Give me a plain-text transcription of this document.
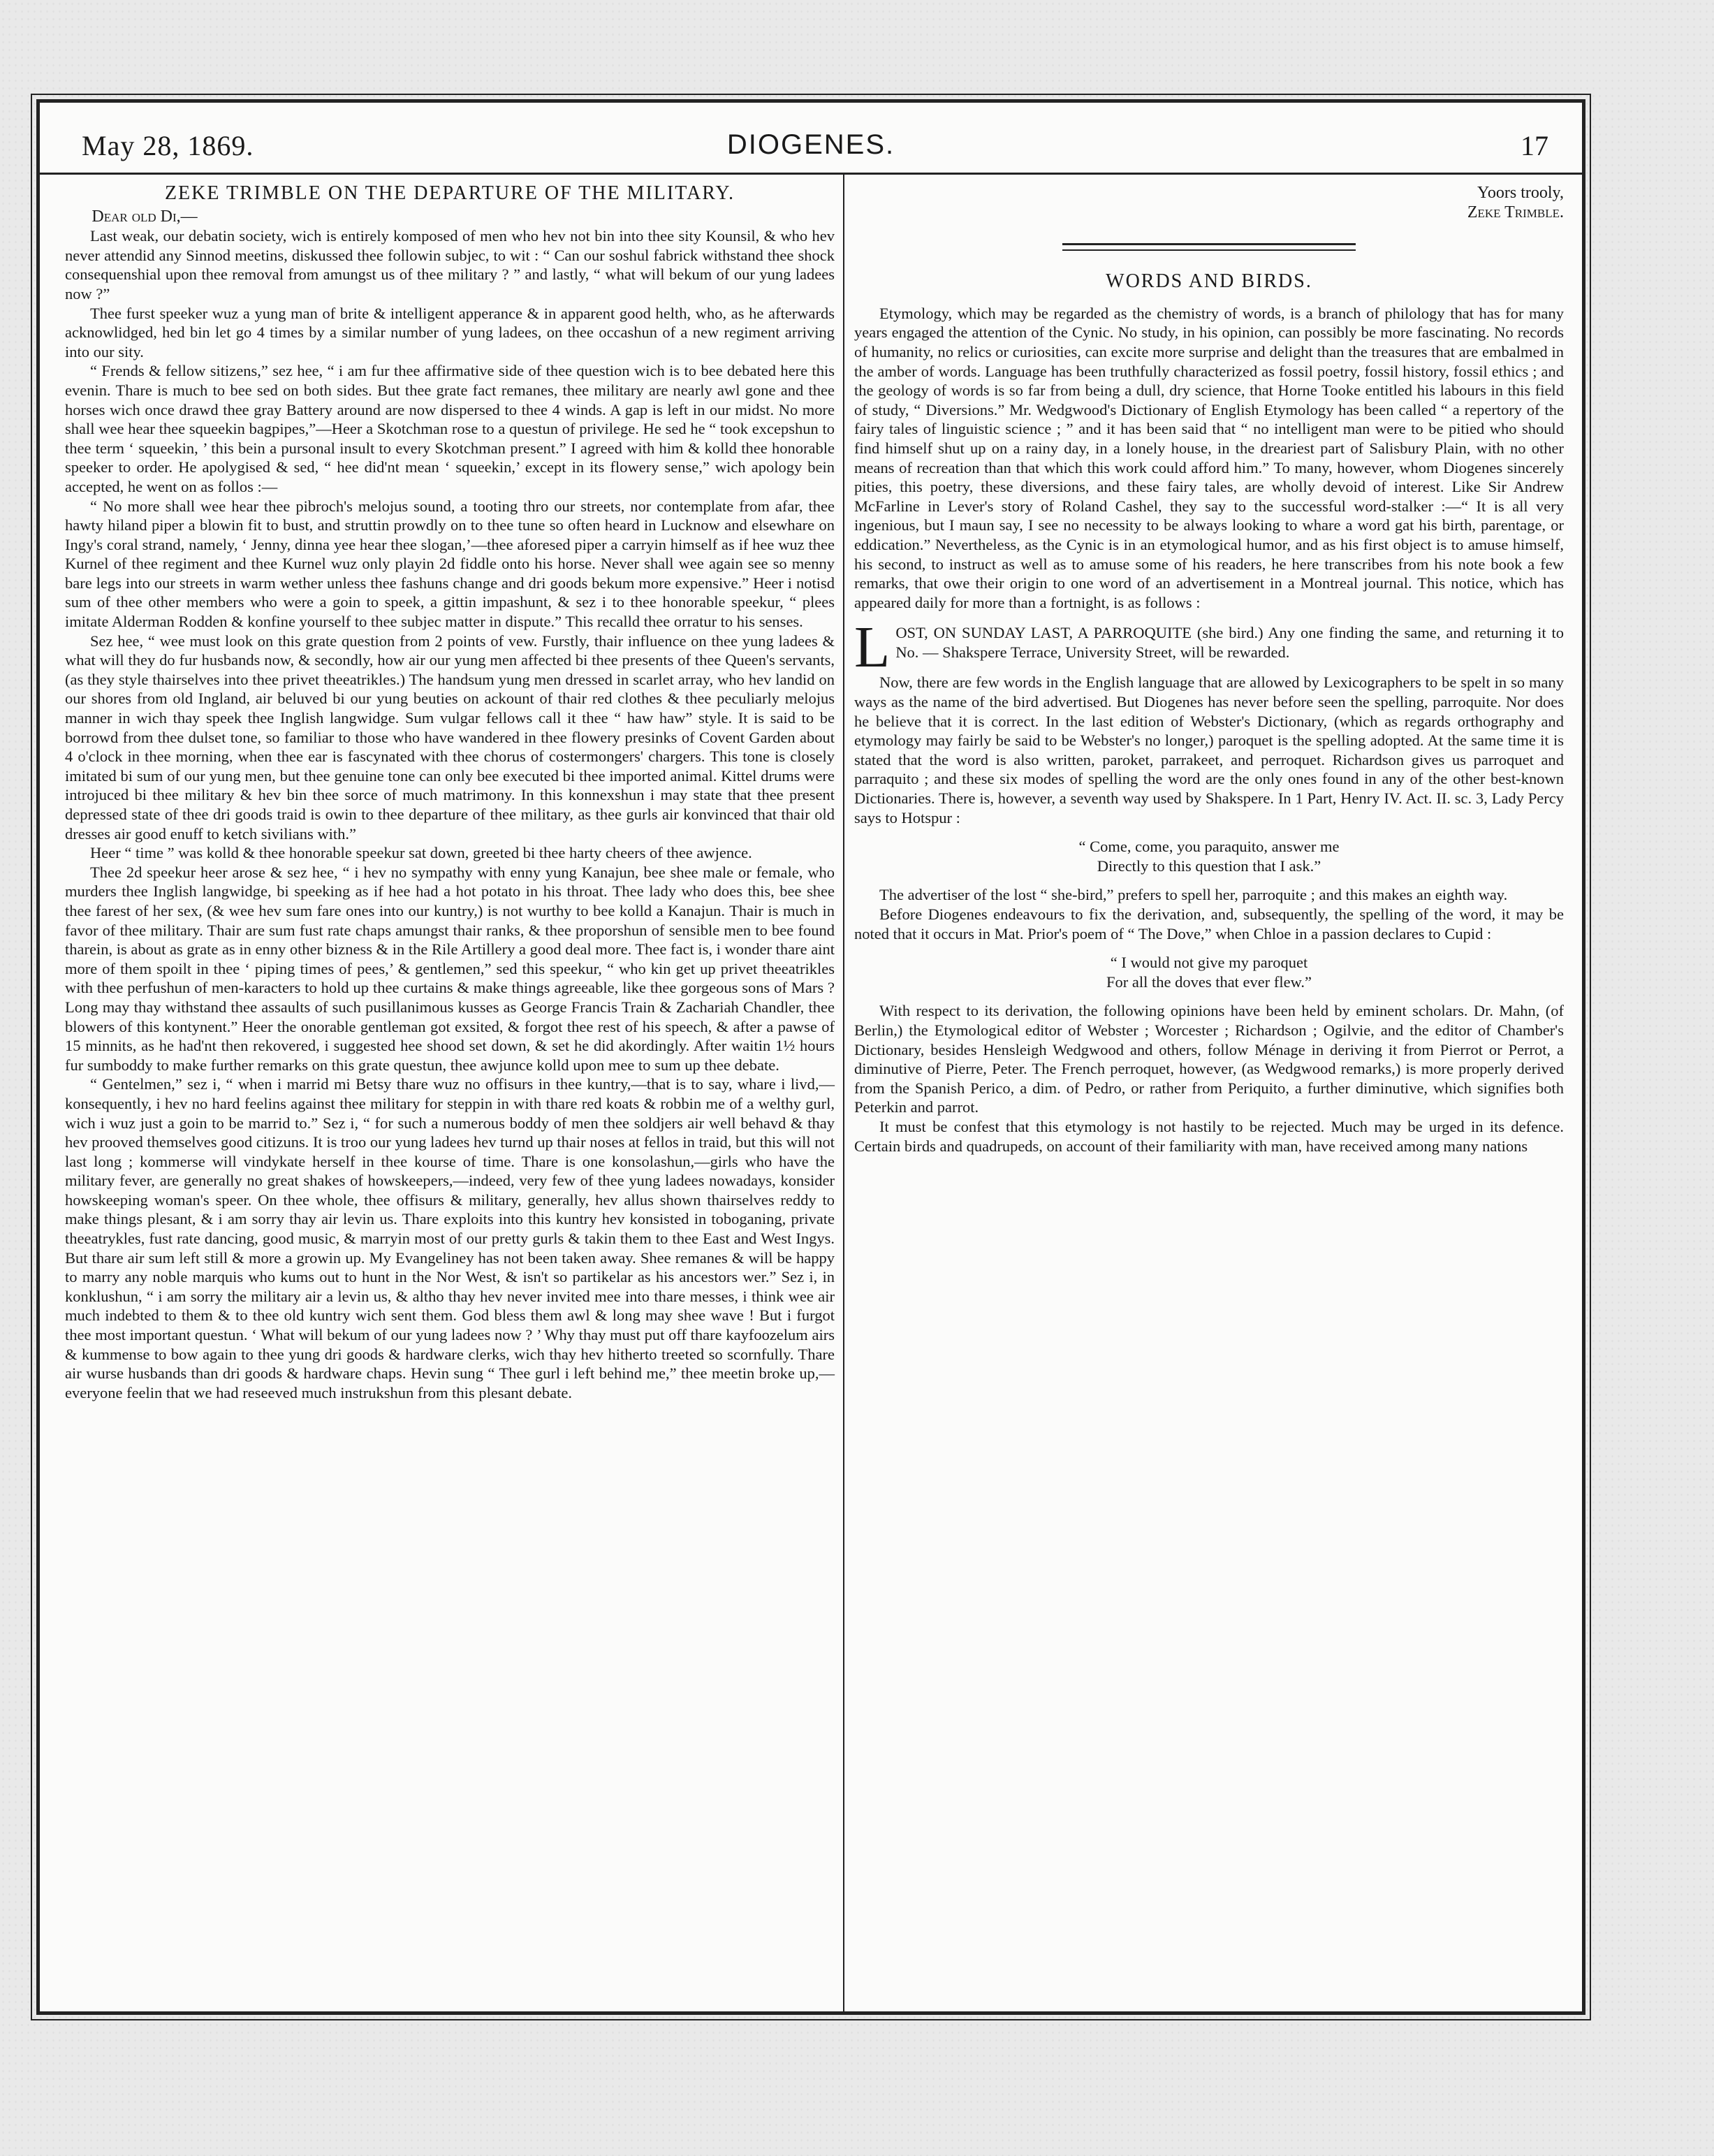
May 28, 1869.	DIOGENES.	17
ZEKE TRIMBLE ON THE DEPARTURE OF THE MILITARY.

Dear old Di,—

Last weak, our debatin society, wich is entirely komposed of men who hev not bin into thee sity Kounsil, & who hev never attendid any Sinnod meetins, diskussed thee followin subjec, to wit : “ Can our soshul fabrick withstand thee shock consequenshial upon thee removal from amungst us of thee military ? ” and lastly, “ what will bekum of our yung ladees now ?”

Thee furst speeker wuz a yung man of brite & intelligent apperance & in apparent good helth, who, as he afterwards acknowlidged, hed bin let go 4 times by a similar number of yung ladees, on thee occashun of a new regiment arriving into our sity.

“ Frends & fellow sitizens,” sez hee, “ i am fur thee affirmative side of thee question wich is to bee debated here this evenin. Thare is much to bee sed on both sides. But thee grate fact remanes, thee military are nearly awl gone and thee horses wich once drawd thee gray Battery around are now dispersed to thee 4 winds. A gap is left in our midst. No more shall wee hear thee squeekin bagpipes,”—Heer a Skotchman rose to a questun of privilege. He sed he “ took excepshun to thee term ‘ squeekin, ’ this bein a pursonal insult to every Skotchman present.” I agreed with him & kolld thee honorable speeker to order. He apolygised & sed, “ hee did'nt mean ‘ squeekin,’ except in its flowery sense,” wich apology bein accepted, he went on as follos :—

“ No more shall wee hear thee pibroch's melojus sound, a tooting thro our streets, nor contemplate from afar, thee hawty hiland piper a blowin fit to bust, and struttin prowdly on to thee tune so often heard in Lucknow and elsewhare on Ingy's coral strand, namely, ‘ Jenny, dinna yee hear thee slogan,’—thee aforesed piper a carryin himself as if hee wuz thee Kurnel of thee regiment and thee Kurnel wuz only playin 2d fiddle onto his horse. Never shall wee again see so menny bare legs into our streets in warm wether unless thee fashuns change and dri goods bekum more expensive.” Heer i notisd sum of thee other members who were a goin to speek, a gittin impashunt, & sez i to thee honorable speekur, “ plees imitate Alderman Rodden & konfine yourself to thee subjec matter in dispute.” This recalld thee orratur to his senses.

Sez hee, “ wee must look on this grate question from 2 points of vew. Furstly, thair influence on thee yung ladees & what will they do fur husbands now, & secondly, how air our yung men affected bi thee presents of thee Queen's servants, (as they style thairselves into thee privet theeatrikles.) The handsum yung men dressed in scarlet array, who hev landid on our shores from old Ingland, air beluved bi our yung beuties on ackount of thair red clothes & thee peculiarly melojus manner in wich thay speek thee Inglish langwidge. Sum vulgar fellows call it thee “ haw haw” style. It is said to be borrowd from thee dulset tone, so familiar to those who have wandered in thee flowery presinks of Covent Garden about 4 o'clock in thee morning, when thee ear is fascynated with thee chorus of costermongers' chargers. This tone is closely imitated bi sum of our yung men, but thee genuine tone can only bee executed bi thee imported animal. Kittel drums were introjuced bi thee military & hev bin thee sorce of much matrimony. In this konnexshun i may state that thee present depressed state of thee dri goods traid is owin to thee departure of thee military, as thee gurls air konvinced that thair old dresses air good enuff to ketch sivilians with.”

Heer “ time ” was kolld & thee honorable speekur sat down, greeted bi thee harty cheers of thee awjence.

Thee 2d speekur heer arose & sez hee, “ i hev no sympathy with enny yung Kanajun, bee shee male or female, who murders thee Inglish langwidge, bi speeking as if hee had a hot potato in his throat. Thee lady who does this, bee shee thee farest of her sex, (& wee hev sum fare ones into our kuntry,) is not wurthy to bee kolld a Kanajun. Thair is much in favor of thee military. Thair are sum fust rate chaps amungst thair ranks, & thee proporshun of sensible men to bee found tharein, is about as grate as in enny other bizness & in the Rile Artillery a good deal more. Thee fact is, i wonder thare aint more of them spoilt in thee ‘ piping times of pees,’ & gentlemen,” sed this speekur, “ who kin get up privet theeatrikles with thee perfushun of men-karacters to hold up thee curtains & make things agreeable, like thee gorgeous sons of Mars ? Long may thay withstand thee assaults of such pusillanimous kusses as George Francis Train & Zachariah Chandler, thee blowers of this kontynent.” Heer the onorable gentleman got exsited, & forgot thee rest of his speech, & after a pawse of 15 minnits, as he had'nt then rekovered, i suggested hee shood set down, & set he did akordingly. After waitin 1½ hours fur sumboddy to make further remarks on this grate questun, thee awjunce kolld upon mee to sum up thee debate.

“ Gentelmen,” sez i, “ when i marrid mi Betsy thare wuz no offisurs in thee kuntry,—that is to say, whare i livd,—konsequently, i hev no hard feelins against thee military for steppin in with thare red koats & robbin me of a welthy gurl, wich i wuz just a goin to be marrid to.” Sez i, “ for such a numerous boddy of men thee soldjers air well behavd & thay hev prooved themselves good citizuns. It is troo our yung ladees hev turnd up thair noses at fellos in traid, but this will not last long ; kommerse will vindykate herself in thee kourse of time. Thare is one konsolashun,—girls who have the military fever, are generally no great shakes of howskeepers,—indeed, very few of thee yung ladees nowadays, konsider howskeeping woman's speer. On thee whole, thee offisurs & military, generally, hev allus shown thairselves reddy to make things plesant, & i am sorry thay air levin us. Thare exploits into this kuntry hev konsisted in toboganing, private theeatrykles, fust rate dancing, good music, & marryin most of our pretty gurls & takin them to thee East and West Ingys. But thare air sum left still & more a growin up. My Evangeliney has not been taken away. Shee remanes & will be happy to marry any noble marquis who kums out to hunt in the Nor West, & isn't so partikelar as his ancestors wer.” Sez i, in konklushun, “ i am sorry the military air a levin us, & altho thay hev never invited mee into thare messes, i think wee air much indebted to them & to thee old kuntry wich sent them. God bless them awl & long may shee wave ! But i furgot thee most important questun. ‘ What will bekum of our yung ladees now ? ’ Why thay must put off thare kayfoozelum airs & kummense to bow again to thee yung dri goods & hardware clerks, wich thay hev hitherto treeted so scornfully. Thare air wurse husbands than dri goods & hardware chaps. Hevin sung “ Thee gurl i left behind me,” thee meetin broke up,—everyone feelin that we had reseeved much instrukshun from this plesant debate.

Yoors trooly,

Zeke Trimble.

WORDS AND BIRDS.

Etymology, which may be regarded as the chemistry of words, is a branch of philology that has for many years engaged the attention of the Cynic. No study, in his opinion, can possibly be more fascinating. No records of humanity, no relics or curiosities, can excite more surprise and delight than the treasures that are embalmed in the amber of words. Language has been truthfully characterized as fossil poetry, fossil history, fossil ethics ; and the geology of words is so far from being a dull, dry science, that Horne Tooke entitled his labours in this field of study, “ Diversions.” Mr. Wedgwood's Dictionary of English Etymology has been called “ a repertory of the fairy tales of linguistic science ; ” and it has been said that “ no intelligent man were to be pitied who should find himself shut up on a rainy day, in a lonely house, in the dreariest part of Salisbury Plain, with no other means of recreation than that which this work could afford him.” To many, however, whom Diogenes sincerely pities, this poetry, these diversions, and these fairy tales, are wholly devoid of interest. Like Sir Andrew McFarline in Lever's story of Roland Cashel, they say to the successful word-stalker :—“ It is all very ingenious, but I maun say, I see no necessity to be always looking to whare a word gat his birth, parentage, or eddication.” Nevertheless, as the Cynic is in an etymological humor, and as his first object is to amuse himself, his second, to instruct as well as to amuse some of his readers, he here transcribes from his note book a few remarks, that owe their origin to one word of an advertisement in a Montreal journal. This notice, which has appeared daily for more than a fortnight, is as follows :

L OST, ON SUNDAY LAST, A PARROQUITE (she bird.) Any one finding the same, and returning it to No. — Shakspere Terrace, University Street, will be rewarded.

Now, there are few words in the English language that are allowed by Lexicographers to be spelt in so many ways as the name of the bird advertised. But Diogenes has never before seen the spelling, parroquite. Nor does he believe that it is correct. In the last edition of Webster's Dictionary, (which as regards orthography and etymology may fairly be said to be Webster's no longer,) paroquet is the spelling adopted. At the same time it is stated that the word is also written, paroket, parrakeet, and perroquet. Richardson gives us parroquet and parraquito ; and these six modes of spelling the word are the only ones found in any of the other best-known Dictionaries. There is, however, a seventh way used by Shakspere. In 1 Part, Henry IV. Act. II. sc. 3, Lady Percy says to Hotspur :

“ Come, come, you paraquito, answer me
Directly to this question that I ask.”

The advertiser of the lost “ she-bird,” prefers to spell her, parroquite ; and this makes an eighth way.

Before Diogenes endeavours to fix the derivation, and, subsequently, the spelling of the word, it may be noted that it occurs in Mat. Prior's poem of “ The Dove,” when Chloe in a passion declares to Cupid :

“ I would not give my paroquet
For all the doves that ever flew.”

With respect to its derivation, the following opinions have been held by eminent scholars. Dr. Mahn, (of Berlin,) the Etymological editor of Webster ; Worcester ; Richardson ; Ogilvie, and the editor of Chamber's Dictionary, besides Hensleigh Wedgwood and others, follow Ménage in deriving it from Pierrot or Perrot, a diminutive of Pierre, Peter. The French perroquet, however, (as Wedgwood remarks,) is more properly derived from the Spanish Perico, a dim. of Pedro, or rather from Periquito, a further diminutive, which signifies both Peterkin and parrot.

It must be confest that this etymology is not hastily to be rejected. Much may be urged in its defence. Certain birds and quadrupeds, on account of their familiarity with man, have received among many nations
